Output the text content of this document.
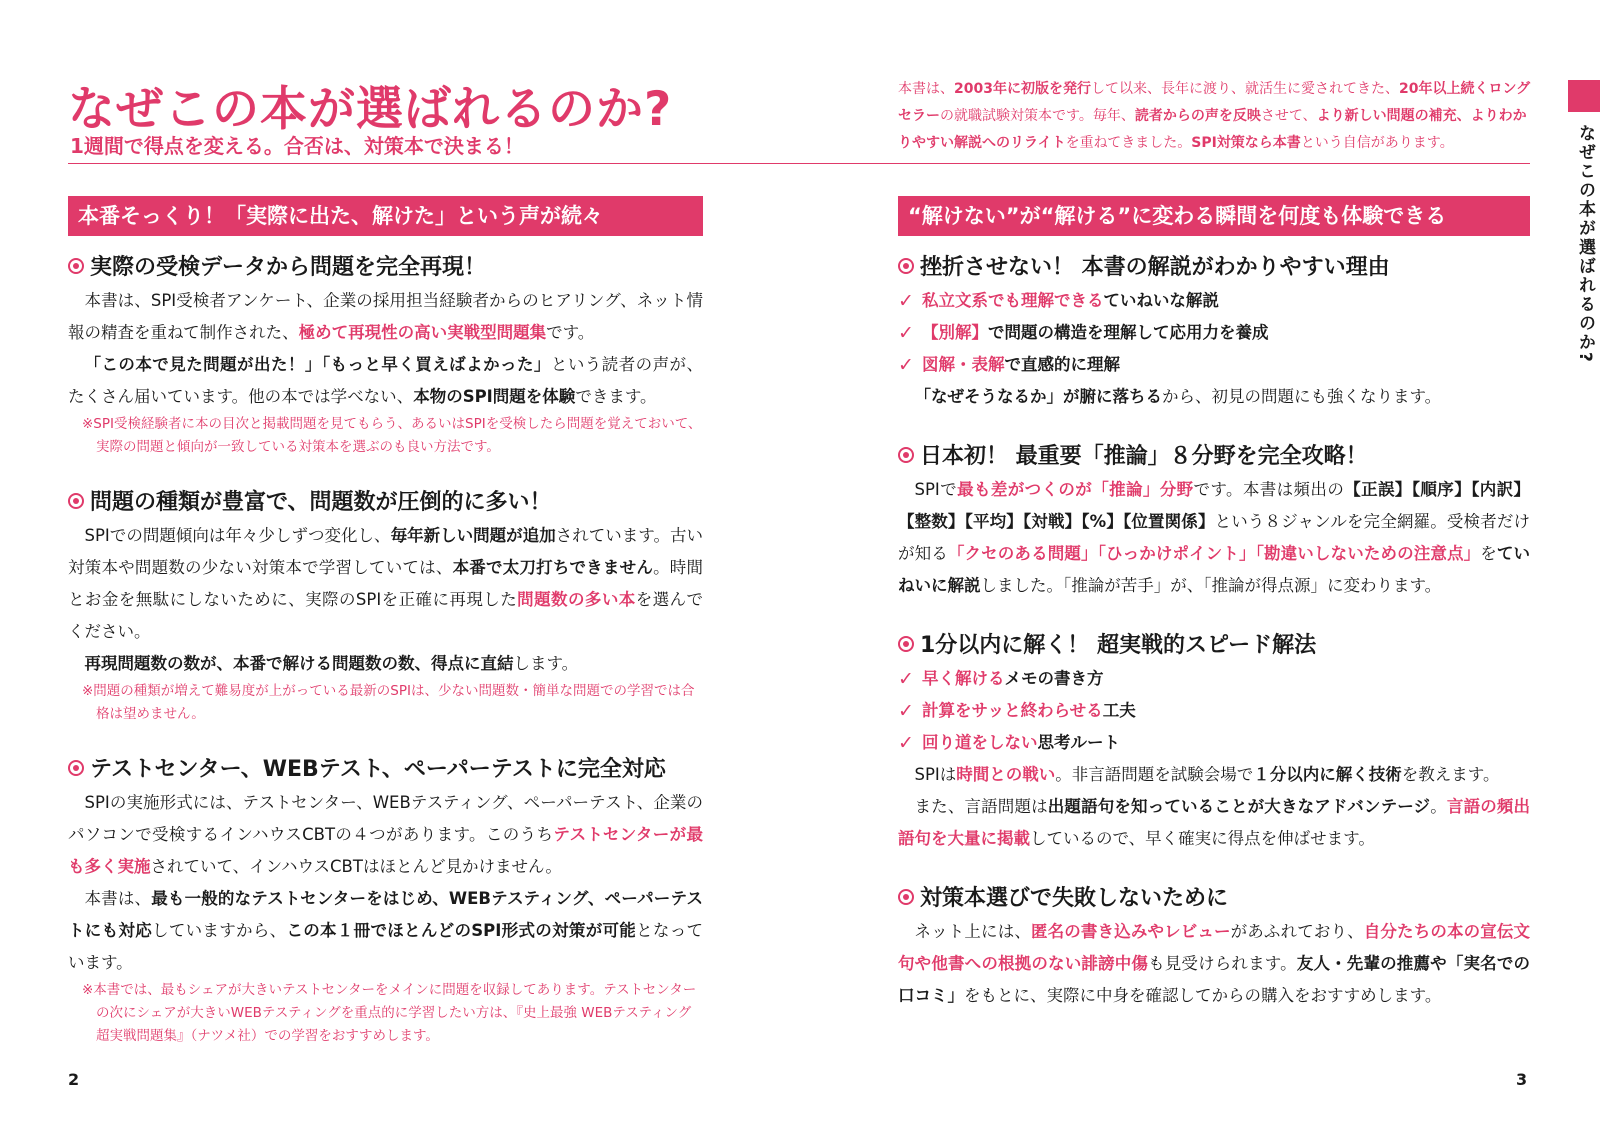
なぜこの本が選ばれるのか?
1週間で得点を変える。合否は、対策本で決まる！
本書は、2003年に初版を発行して以来、長年に渡り、就活生に愛されてきた、20年以上続くロングセラーの就職試験対策本です。毎年、読者からの声を反映させて、より新しい問題の補充、よりわかりやすい解説へのリライトを重ねてきました。SPI対策なら本書という自信があります。	なぜこの本が選ばれるのか?
本番そっくり！「実際に出た、解けた」という声が続々
実際の受検データから問題を完全再現！

本書は、SPI受検者アンケート、企業の採用担当経験者からのヒアリング、ネット情報の精査を重ねて制作された、極めて再現性の高い実戦型問題集です。

「この本で見た問題が出た！」「もっと早く買えばよかった」という読者の声が、たくさん届いています。他の本では学べない、本物のSPI問題を体験できます。

※SPI受検経験者に本の目次と掲載問題を見てもらう、あるいはSPIを受検したら問題を覚えておいて、実際の問題と傾向が一致している対策本を選ぶのも良い方法です。

問題の種類が豊富で、問題数が圧倒的に多い！

SPIでの問題傾向は年々少しずつ変化し、毎年新しい問題が追加されています。古い対策本や問題数の少ない対策本で学習していては、本番で太刀打ちできません。時間とお金を無駄にしないために、実際のSPIを正確に再現した問題数の多い本を選んでください。

再現問題数の数が、本番で解ける問題数の数、得点に直結します。

※問題の種類が増えて難易度が上がっている最新のSPIは、少ない問題数・簡単な問題での学習では合格は望めません。

テストセンター、WEBテスト、ペーパーテストに完全対応

SPIの実施形式には、テストセンター、WEBテスティング、ペーパーテスト、企業のパソコンで受検するインハウスCBTの４つがあります。このうちテストセンターが最も多く実施されていて、インハウスCBTはほとんど見かけません。

本書は、最も一般的なテストセンターをはじめ、WEBテスティング、ペーパーテストにも対応していますから、この本１冊でほとんどのSPI形式の対策が可能となっています。

※本書では、最もシェアが大きいテストセンターをメインに問題を収録してあります。テストセンターの次にシェアが大きいWEBテスティングを重点的に学習したい方は、『史上最強 WEBテスティング超実戦問題集』（ナツメ社）での学習をおすすめします。

“解けない”が“解ける”に変わる瞬間を何度も体験できる
挫折させない！ 本書の解説がわかりやすい理由
✓ 私立文系でも理解できるていねいな解説
✓ 【別解】で問題の構造を理解して応用力を養成
✓ 図解・表解で直感的に理解

「なぜそうなるか」が腑に落ちるから、初見の問題にも強くなります。

日本初！ 最重要「推論」８分野を完全攻略！

SPIで最も差がつくのが「推論」分野です。本書は頻出の【正誤】【順序】【内訳】【整数】【平均】【対戦】【%】【位置関係】という８ジャンルを完全網羅。受検者だけが知る「クセのある問題」「ひっかけポイント」「勘違いしないための注意点」をていねいに解説しました。「推論が苦手」が、「推論が得点源」に変わります。

1分以内に解く！ 超実戦的スピード解法
✓ 早く解けるメモの書き方
✓ 計算をサッと終わらせる工夫
✓ 回り道をしない思考ルート

SPIは時間との戦い。非言語問題を試験会場で１分以内に解く技術を教えます。

また、言語問題は出題語句を知っていることが大きなアドバンテージ。言語の頻出語句を大量に掲載しているので、早く確実に得点を伸ばせます。

対策本選びで失敗しないために

ネット上には、匿名の書き込みやレビューがあふれており、自分たちの本の宣伝文句や他書への根拠のない誹謗中傷も見受けられます。友人・先輩の推薦や「実名での口コミ」をもとに、実際に中身を確認してからの購入をおすすめします。

2	3
